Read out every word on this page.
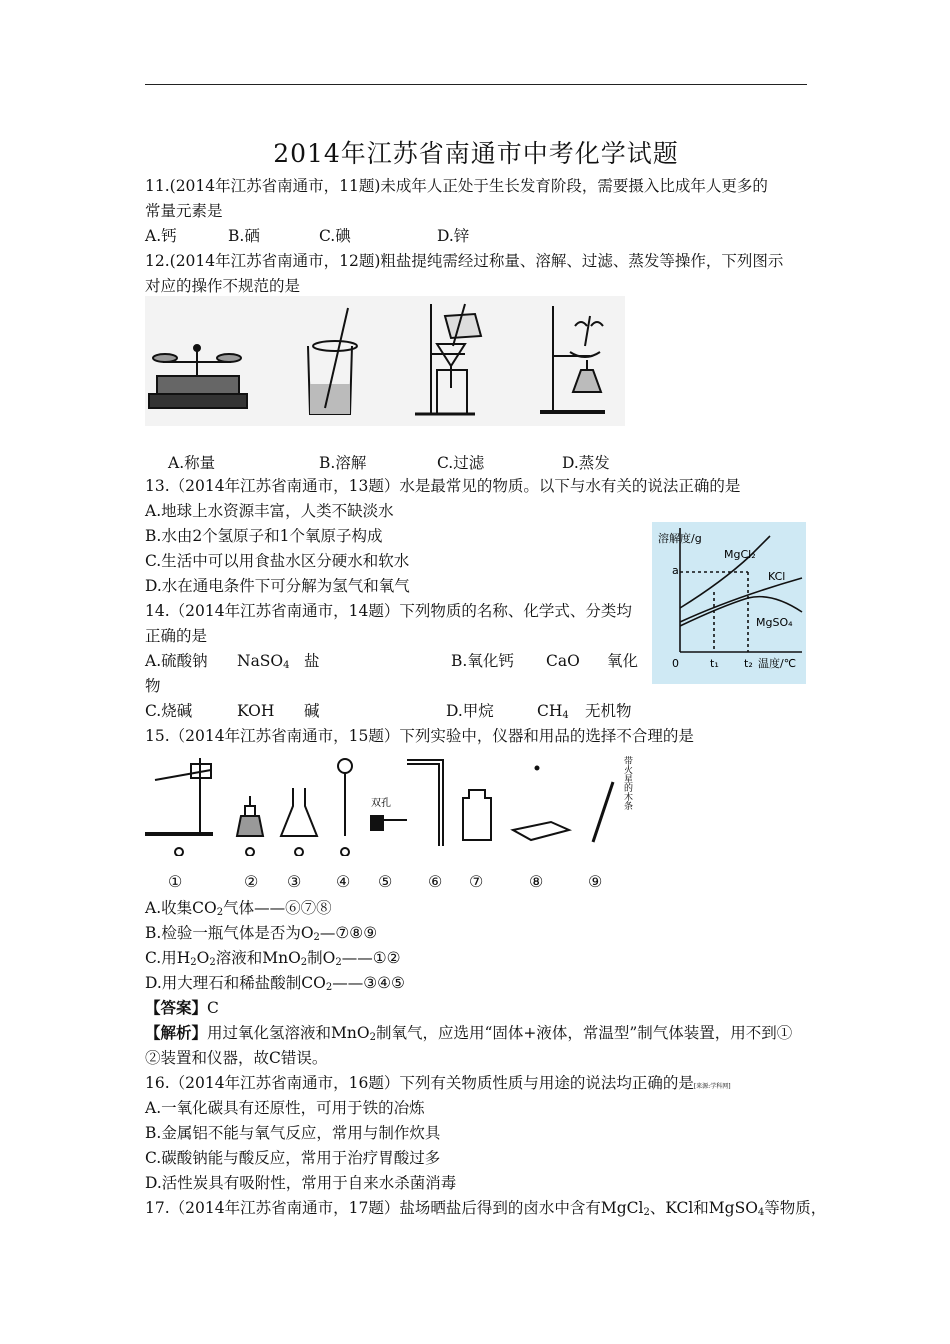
2014年江苏省南通市中考化学试题
11.(2014年江苏省南通市，11题)未成年人正处于生长发育阶段，需要摄入比成年人更多的
常量元素是
A.钙	B.硒	C.碘	D.锌
12.(2014年江苏省南通市，12题)粗盐提纯需经过称量、溶解、过滤、蒸发等操作，下列图示
对应的操作不规范的是
A.称量	B.溶解	C.过滤	D.蒸发
13.（2014年江苏省南通市，13题）水是最常见的物质。以下与水有关的说法正确的是
A.地球上水资源丰富，人类不缺淡水
B.水由2个氢原子和1个氧原子构成
C.生活中可以用食盐水区分硬水和软水
D.水在通电条件下可分解为氢气和氧气
溶解度/g
a
MgCl₂
KCl
MgSO₄
0	t₁ t₂ 温度/℃
14.（2014年江苏省南通市，14题）下列物质的名称、化学式、分类均
正确的是
A.硫酸钠 NaSO$_4$ 盐	B.氧化钙 CaO 氧化
物
C.烧碱	KOH 碱	D.甲烷	$CH_4$ 无机物
15.（2014年江苏省南通市，15题）下列实验中，仪器和用品的选择不合理的是
双孔	带火星的木条
①	② ③ ④ ⑤ ⑥ ⑦	⑧	⑨
A.收集$CO_2$气体——⑥⑦⑧
B.检验一瓶气体是否为$O_2—⑦⑧⑨$
C.用$H_2O_2$溶液和MnO$_2$制$O_2——①②$
D.用大理石和稀盐酸制$CO_2——③④⑤$
【答案】C
【解析】用过氧化氢溶液和MnO$_2$制氧气，应选用“固体+液体，常温型”制气体装置，用不到①
②装置和仪器，故C错误。
16.（2014年江苏省南通市，16题）下列有关物质性质与用途的说法均正确的是[来源:学科网]
A.一氧化碳具有还原性，可用于铁的冶炼
B.金属铝不能与氧气反应，常用与制作炊具
C.碳酸钠能与酸反应，常用于治疗胃酸过多
D.活性炭具有吸附性，常用于自来水杀菌消毒
17.（2014年江苏省南通市，17题）盐场晒盐后得到的卤水中含有MgCl$_2$、KCl和MgSO$_4$等物质，
